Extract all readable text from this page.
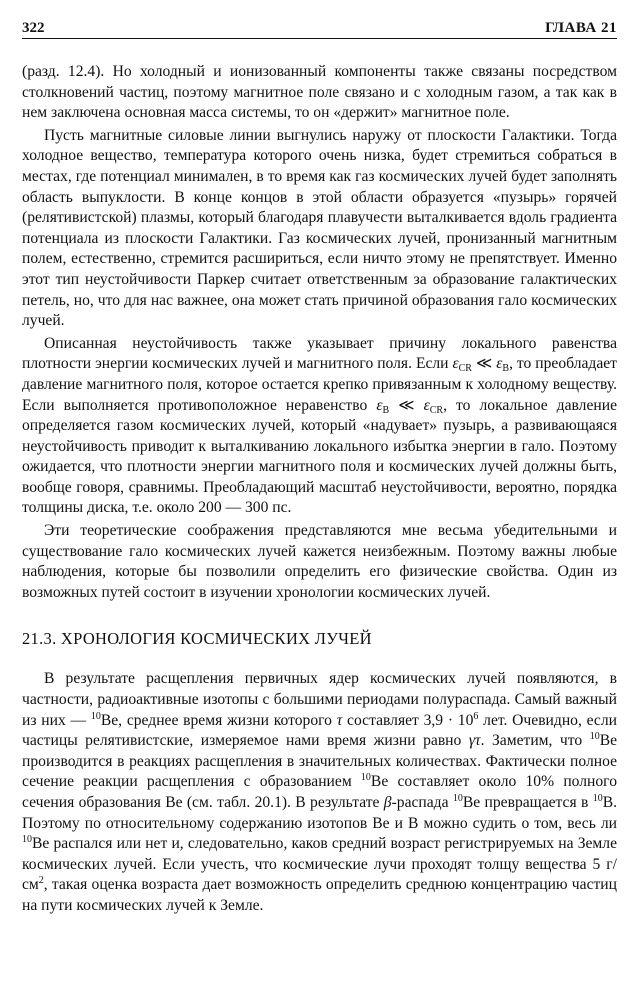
322	ГЛАВА 21

(разд. 12.4). Но холодный и ионизованный компоненты также связаны посредством столкновений частиц, поэтому магнитное поле связано и с холодным газом, а так как в нем заключена основная масса системы, то он «держит» магнитное поле.

Пусть магнитные силовые линии выгнулись наружу от плоскости Галактики. Тогда холодное вещество, температура которого очень низка, будет стремиться собраться в местах, где потенциал минимален, в то время как газ космических лучей будет заполнять область выпуклости. В конце концов в этой области образуется «пузырь» горячей (релятивистской) плазмы, который благодаря плавучести выталкивается вдоль градиента потенциала из плоскости Галактики. Газ космических лучей, пронизанный магнитным полем, естественно, стремится расшириться, если ничто этому не препятствует. Именно этот тип неустойчивости Паркер считает ответственным за образование галактических петель, но, что для нас важнее, она может стать причиной образования гало космических лучей.

Описанная неустойчивость также указывает причину локального равенства плотности энергии космических лучей и магнитного поля. Если $\varepsilon_{CR}$ ≪ $\varepsilon_B$, то преобладает давление магнитного поля, которое остается крепко привязанным к холодному веществу. Если выполняется противоположное неравенство $\varepsilon_B$ ≪ $\varepsilon_{CR}$, то локальное давление определяется газом космических лучей, который «надувает» пузырь, а развивающаяся неустойчивость приводит к выталкиванию локального избытка энергии в гало. Поэтому ожидается, что плотности энергии магнитного поля и космических лучей должны быть, вообще говоря, сравнимы. Преобладающий масштаб неустойчивости, вероятно, порядка толщины диска, т.е. около 200 — 300 пс.

Эти теоретические соображения представляются мне весьма убедительными и существование гало космических лучей кажется неизбежным. Поэтому важны любые наблюдения, которые бы позволили определить его физические свойства. Один из возможных путей состоит в изучении хронологии космических лучей.

21.3. ХРОНОЛОГИЯ КОСМИЧЕСКИХ ЛУЧЕЙ

В результате расщепления первичных ядер космических лучей появляются, в частности, радиоактивные изотопы с большими периодами полураспада. Самый важный из них — $^{10}$Be, среднее время жизни которого τ составляет $3,9 \cdot 10^6$ лет. Очевидно, если частицы релятивистские, измеряемое нами время жизни равно γτ. Заметим, что $^{10}$Be производится в реакциях расщепления в значительных количествах. Фактически полное сечение реакции расщепления с образованием $^{10}$Be составляет около 10% полного сечения образования Be (см. табл. 20.1). В результате β-распада $^{10}$Be превращается в $^{10}$B. Поэтому по относительному содержанию изотопов Be и B можно судить о том, весь ли $^{10}$Be распался или нет и, следовательно, каков средний возраст регистрируемых на Земле космических лучей. Если учесть, что космические лучи проходят толщу вещества 5 $г/см^2$, такая оценка возраста дает возможность определить среднюю концентрацию частиц на пути космических лучей к Земле.
